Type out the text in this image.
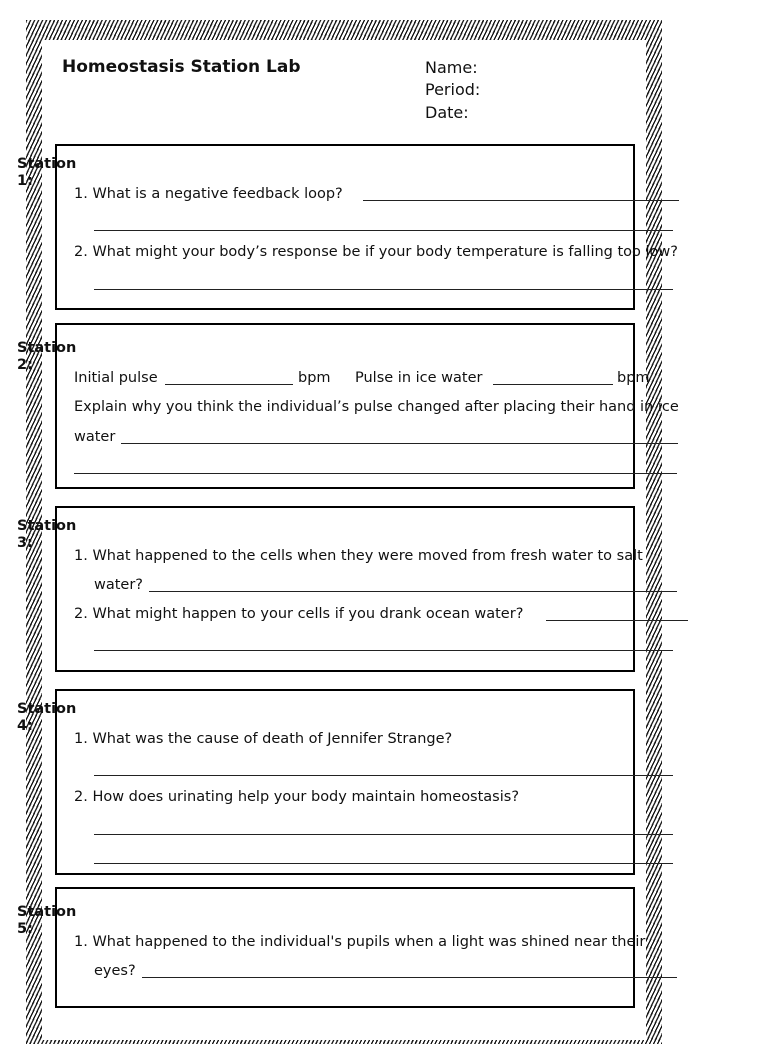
Homeostasis Station Lab	Name:
Period:
Date:
Station 1:
1. What is a negative feedback loop?
2. What might your body’s response be if your body temperature is falling too low?
Station 2:
Initial pulse	bpm Pulse in ice water	bpm
Explain why you think the individual’s pulse changed after placing their hand in ice
water
Station 3:
1. What happened to the cells when they were moved from fresh water to salt
water?
2. What might happen to your cells if you drank ocean water?
Station 4:
1. What was the cause of death of Jennifer Strange?
2. How does urinating help your body maintain homeostasis?
Station 5:
1. What happened to the individual's pupils when a light was shined near their
eyes?
